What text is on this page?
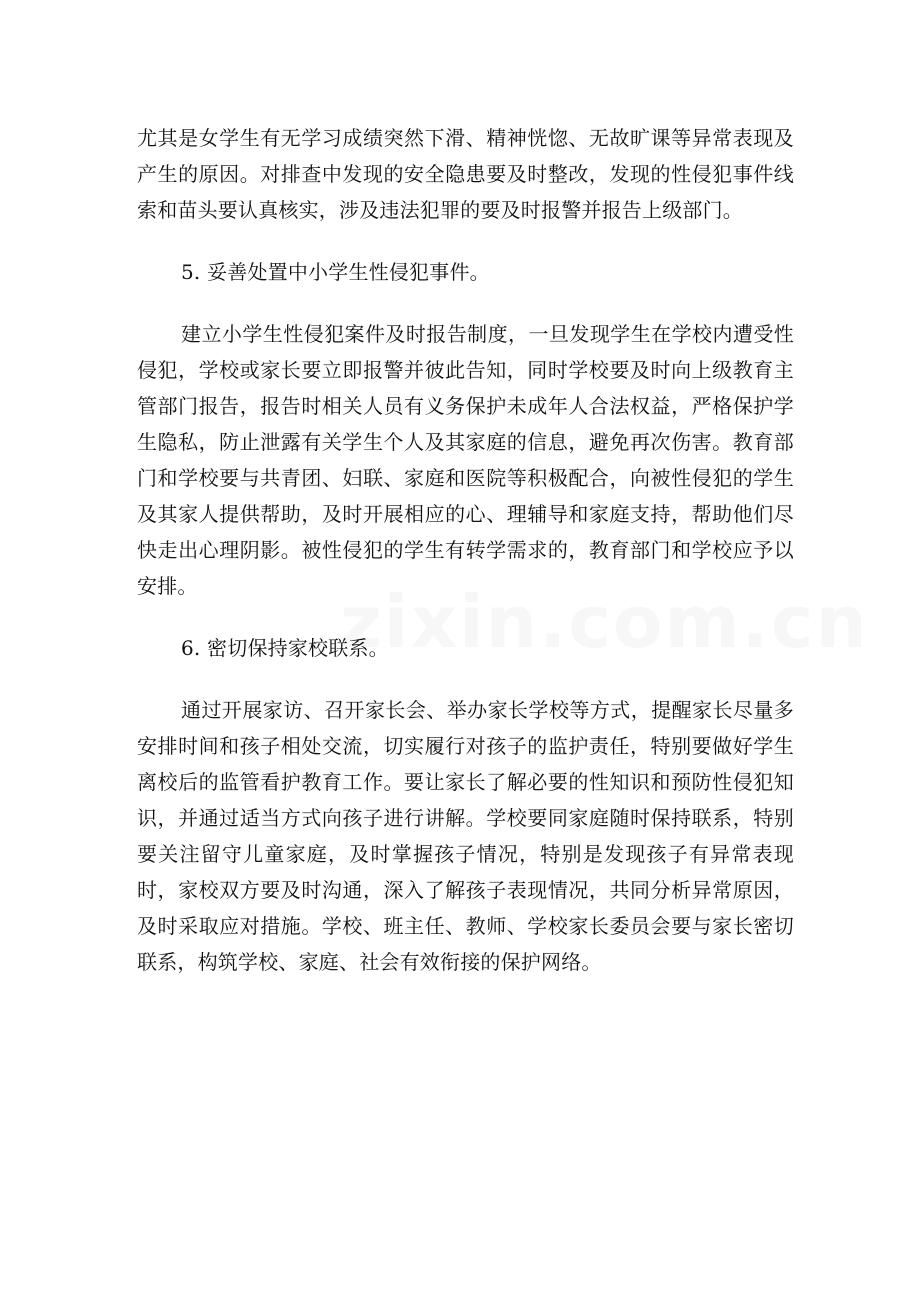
zixin.com.cn

尤其是女学生有无学习成绩突然下滑、精神恍惚、无故旷课等异常表现及产生的原因。对排查中发现的安全隐患要及时整改，发现的性侵犯事件线索和苗头要认真核实，涉及违法犯罪的要及时报警并报告上级部门。

5. 妥善处置中小学生性侵犯事件。

建立小学生性侵犯案件及时报告制度，一旦发现学生在学校内遭受性侵犯，学校或家长要立即报警并彼此告知，同时学校要及时向上级教育主管部门报告，报告时相关人员有义务保护未成年人合法权益，严格保护学生隐私，防止泄露有关学生个人及其家庭的信息，避免再次伤害。教育部门和学校要与共青团、妇联、家庭和医院等积极配合，向被性侵犯的学生及其家人提供帮助，及时开展相应的心、理辅导和家庭支持，帮助他们尽快走出心理阴影。被性侵犯的学生有转学需求的，教育部门和学校应予以安排。

6. 密切保持家校联系。

通过开展家访、召开家长会、举办家长学校等方式，提醒家长尽量多安排时间和孩子相处交流，切实履行对孩子的监护责任，特别要做好学生离校后的监管看护教育工作。要让家长了解必要的性知识和预防性侵犯知识，并通过适当方式向孩子进行讲解。学校要同家庭随时保持联系，特别要关注留守儿童家庭，及时掌握孩子情况，特别是发现孩子有异常表现时，家校双方要及时沟通，深入了解孩子表现情况，共同分析异常原因，及时采取应对措施。学校、班主任、教师、学校家长委员会要与家长密切联系，构筑学校、家庭、社会有效衔接的保护网络。
